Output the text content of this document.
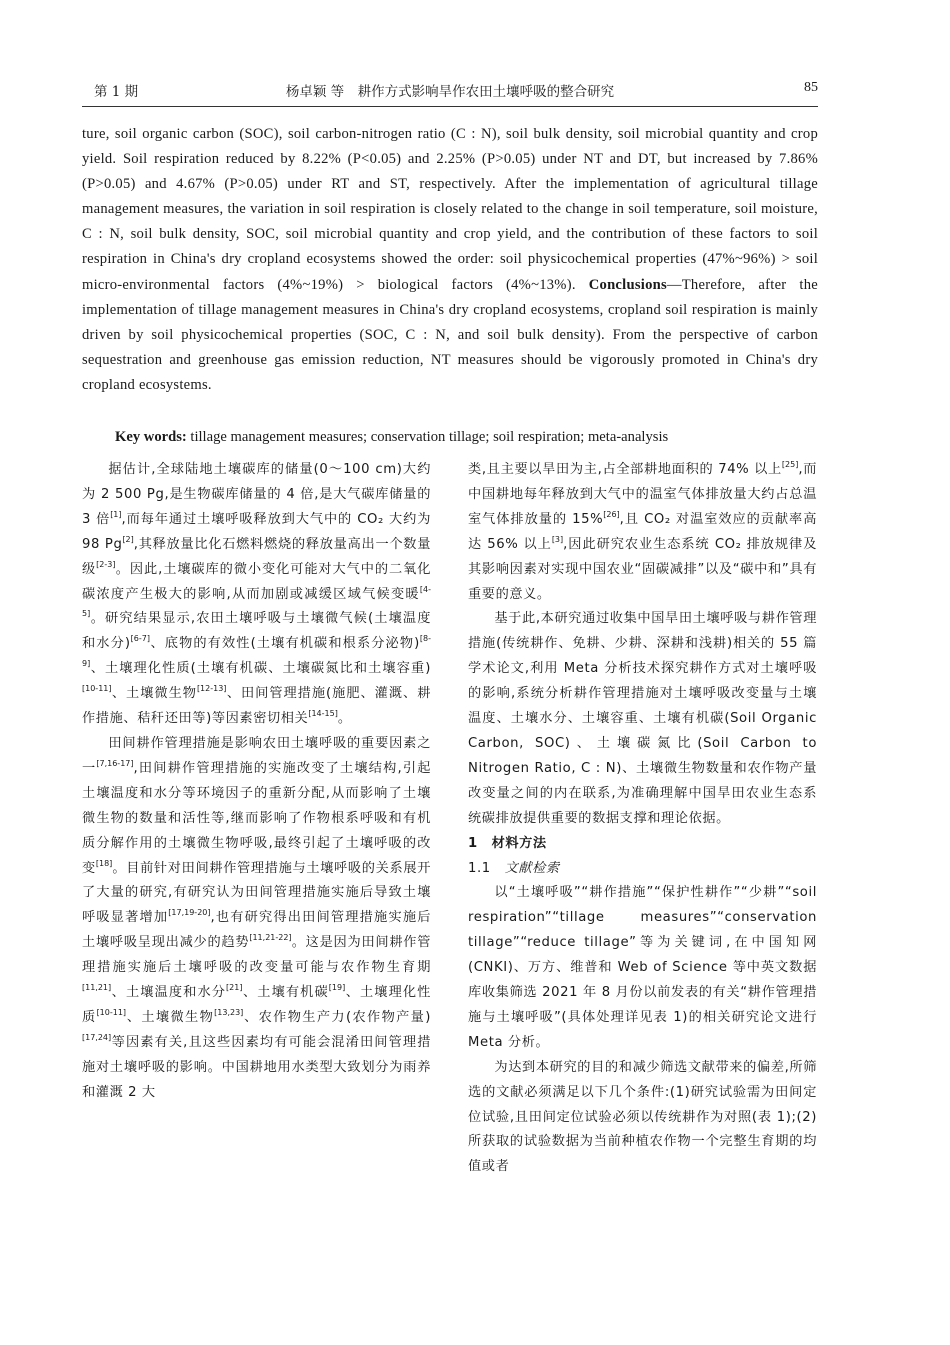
第 1 期	杨卓颖 等　耕作方式影响旱作农田土壤呼吸的整合研究	85
ture, soil organic carbon (SOC), soil carbon-nitrogen ratio (C : N), soil bulk density, soil microbial quantity and crop yield. Soil respiration reduced by 8.22% (P<0.05) and 2.25% (P>0.05) under NT and DT, but increased by 7.86% (P>0.05) and 4.67% (P>0.05) under RT and ST, respectively. After the implementation of agricultural tillage management measures, the variation in soil respiration is closely related to the change in soil temperature, soil moisture, C : N, soil bulk density, SOC, soil microbial quantity and crop yield, and the contribution of these factors to soil respiration in China's dry cropland ecosystems showed the order: soil physicochemical properties (47%~96%) > soil micro-environmental factors (4%~19%) > biological factors (4%~13%). Conclusions—Therefore, after the implementation of tillage management measures in China's dry cropland ecosystems, cropland soil respiration is mainly driven by soil physicochemical properties (SOC, C : N, and soil bulk density). From the perspective of carbon sequestration and greenhouse gas emission reduction, NT measures should be vigorously promoted in China's dry cropland ecosystems.
Key words: tillage management measures; conservation tillage; soil respiration; meta-analysis

据估计,全球陆地土壤碳库的储量(0～100 cm)大约为 2 500 Pg,是生物碳库储量的 4 倍,是大气碳库储量的 3 倍[1],而每年通过土壤呼吸释放到大气中的 CO₂ 大约为 98 Pg[2],其释放量比化石燃料燃烧的释放量高出一个数量级[2-3]。因此,土壤碳库的微小变化可能对大气中的二氧化碳浓度产生极大的影响,从而加剧或减缓区域气候变暖[4-5]。研究结果显示,农田土壤呼吸与土壤微气候(土壤温度和水分)[6-7]、底物的有效性(土壤有机碳和根系分泌物)[8-9]、土壤理化性质(土壤有机碳、土壤碳氮比和土壤容重)[10-11]、土壤微生物[12-13]、田间管理措施(施肥、灌溉、耕作措施、秸秆还田等)等因素密切相关[14-15]。

田间耕作管理措施是影响农田土壤呼吸的重要因素之一[7,16-17],田间耕作管理措施的实施改变了土壤结构,引起土壤温度和水分等环境因子的重新分配,从而影响了土壤微生物的数量和活性等,继而影响了作物根系呼吸和有机质分解作用的土壤微生物呼吸,最终引起了土壤呼吸的改变[18]。目前针对田间耕作管理措施与土壤呼吸的关系展开了大量的研究,有研究认为田间管理措施实施后导致土壤呼吸显著增加[17,19-20],也有研究得出田间管理措施实施后土壤呼吸呈现出减少的趋势[11,21-22]。这是因为田间耕作管理措施实施后土壤呼吸的改变量可能与农作物生育期[11,21]、土壤温度和水分[21]、土壤有机碳[19]、土壤理化性质[10-11]、土壤微生物[13,23]、农作物生产力(农作物产量)[17,24]等因素有关,且这些因素均有可能会混淆田间管理措施对土壤呼吸的影响。中国耕地用水类型大致划分为雨养和灌溉 2 大

类,且主要以旱田为主,占全部耕地面积的 74% 以上[25],而中国耕地每年释放到大气中的温室气体排放量大约占总温室气体排放量的 15%[26],且 CO₂ 对温室效应的贡献率高达 56% 以上[3],因此研究农业生态系统 CO₂ 排放规律及其影响因素对实现中国农业“固碳减排”以及“碳中和”具有重要的意义。

基于此,本研究通过收集中国旱田土壤呼吸与耕作管理措施(传统耕作、免耕、少耕、深耕和浅耕)相关的 55 篇学术论文,利用 Meta 分析技术探究耕作方式对土壤呼吸的影响,系统分析耕作管理措施对土壤呼吸改变量与土壤温度、土壤水分、土壤容重、土壤有机碳(Soil Organic Carbon, SOC)、土壤碳氮比(Soil Carbon to Nitrogen Ratio, C : N)、土壤微生物数量和农作物产量改变量之间的内在联系,为准确理解中国旱田农业生态系统碳排放提供重要的数据支撑和理论依据。

1　材料方法

1.1　文献检索

以“土壤呼吸”“耕作措施”“保护性耕作”“少耕”“soil respiration”“tillage measures”“conservation tillage”“reduce tillage”等为关键词,在中国知网(CNKI)、万方、维普和 Web of Science 等中英文数据库收集筛选 2021 年 8 月份以前发表的有关“耕作管理措施与土壤呼吸”(具体处理详见表 1)的相关研究论文进行 Meta 分析。

为达到本研究的目的和减少筛选文献带来的偏差,所筛选的文献必须满足以下几个条件:(1)研究试验需为田间定位试验,且田间定位试验必须以传统耕作为对照(表 1);(2)所获取的试验数据为当前种植农作物一个完整生育期的均值或者
